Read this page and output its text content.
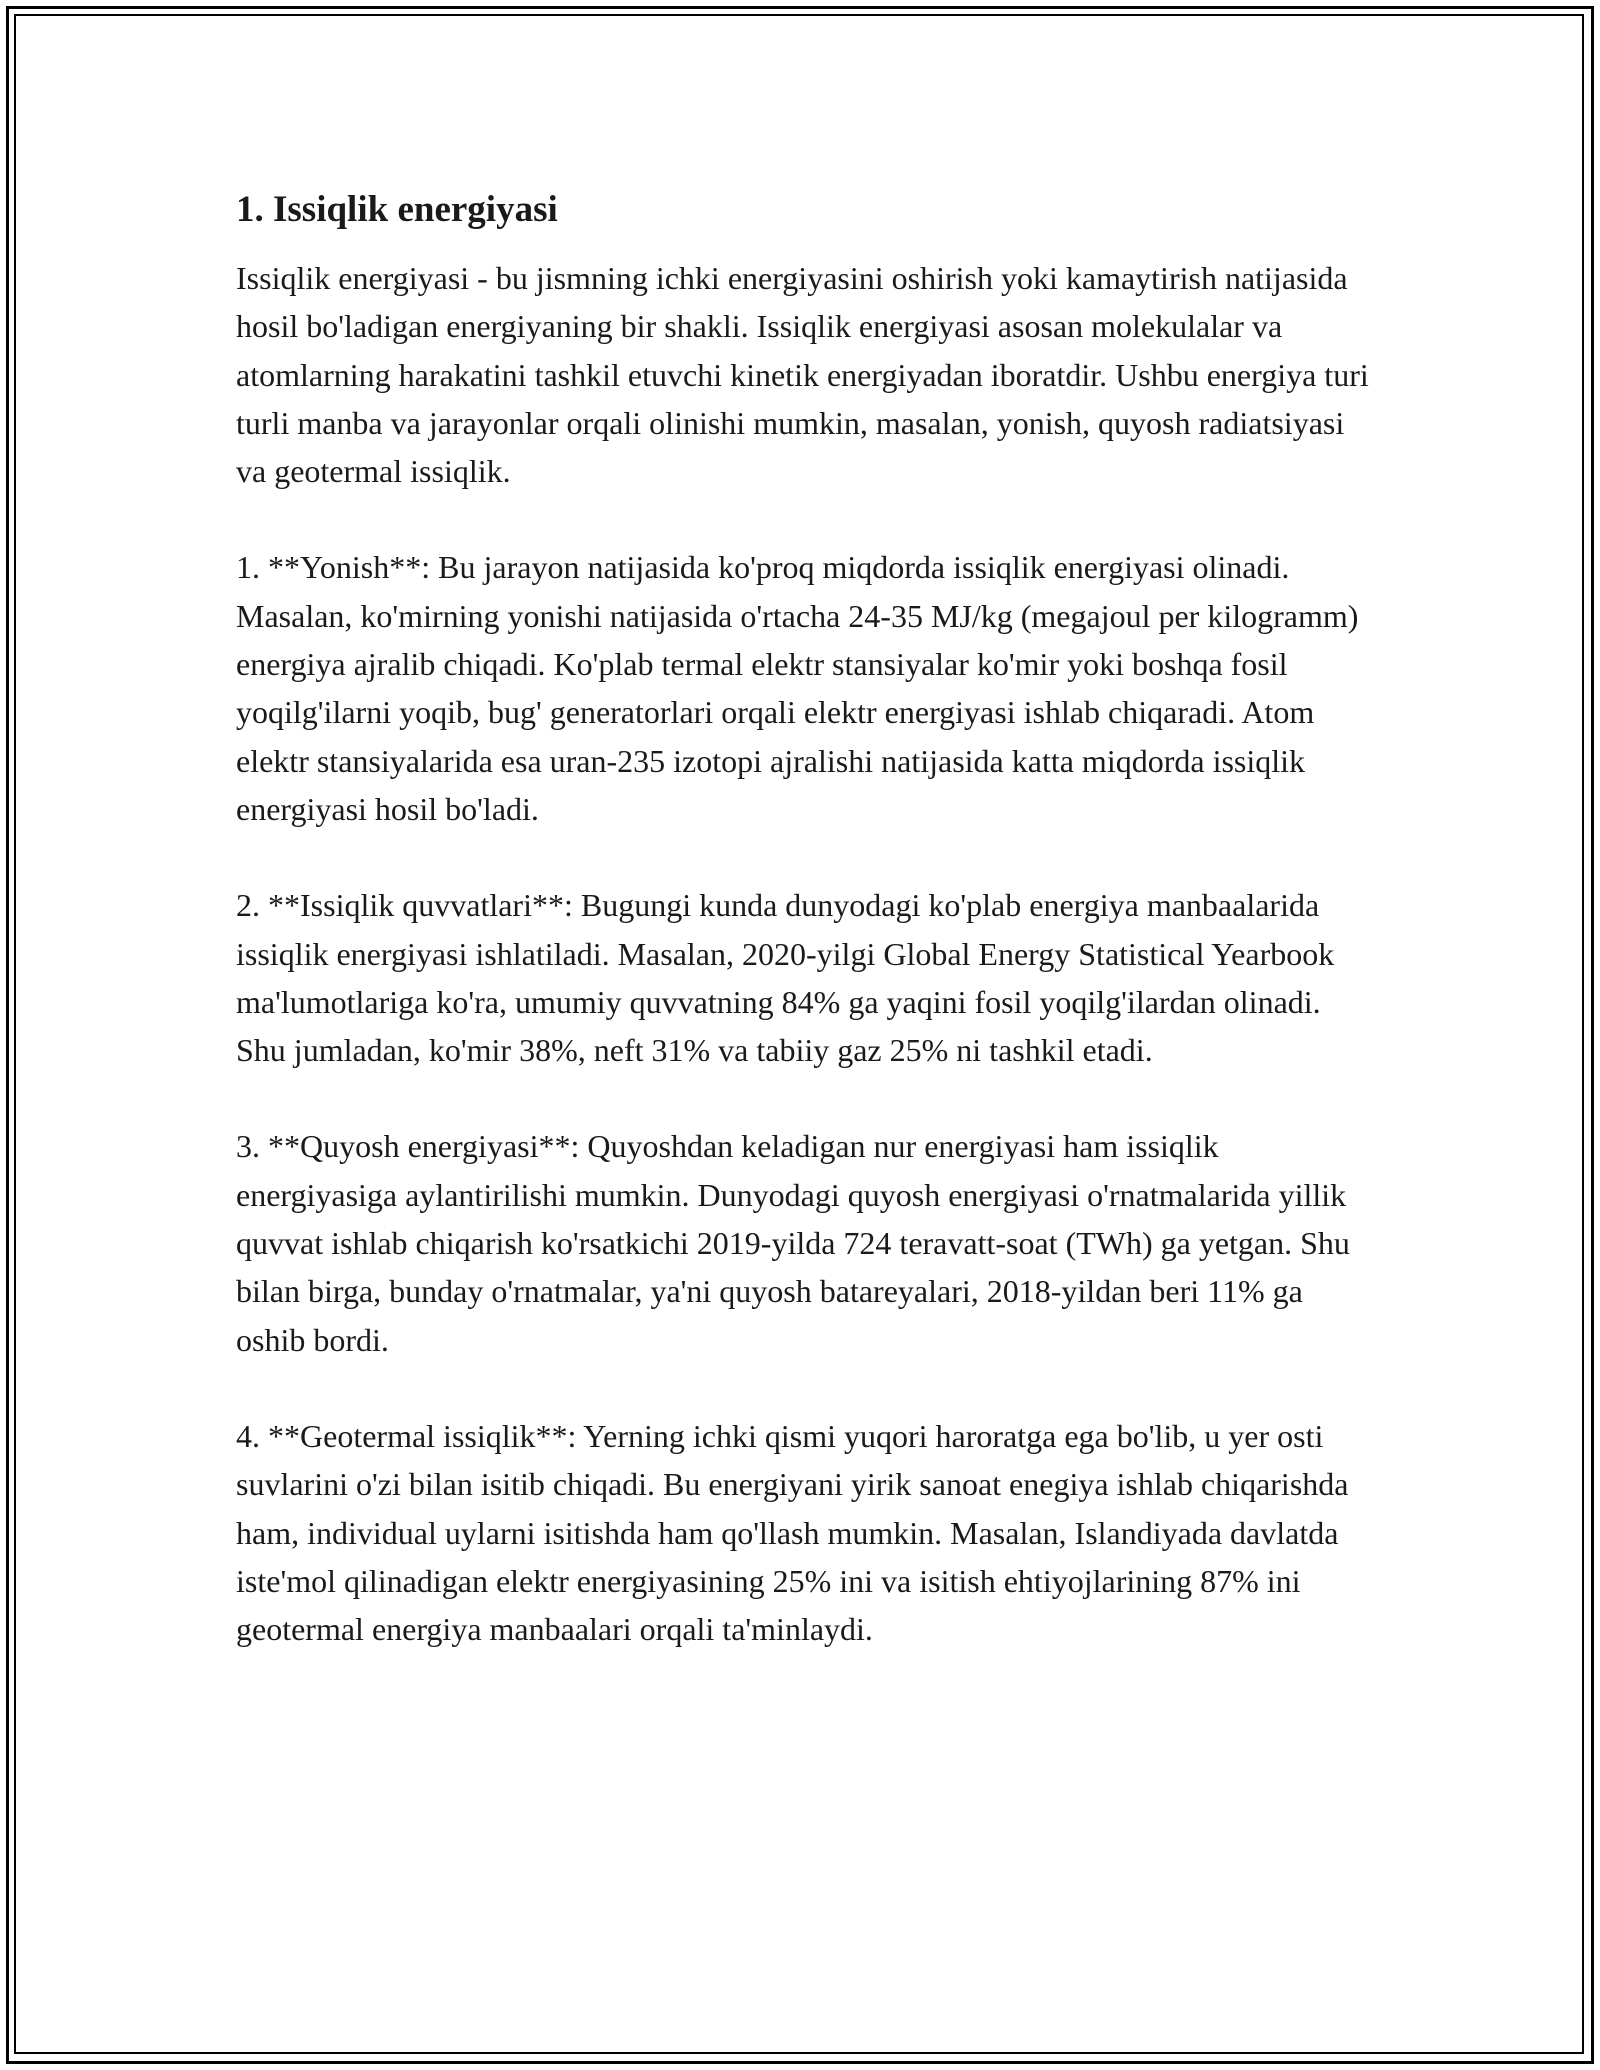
1. Issiqlik energiyasi

Issiqlik energiyasi - bu jismning ichki energiyasini oshirish yoki kamaytirish natijasida hosil bo'ladigan energiyaning bir shakli. Issiqlik energiyasi asosan molekulalar va atomlarning harakatini tashkil etuvchi kinetik energiyadan iboratdir. Ushbu energiya turi turli manba va jarayonlar orqali olinishi mumkin, masalan, yonish, quyosh radiatsiyasi va geotermal issiqlik.

1. **Yonish**: Bu jarayon natijasida ko'proq miqdorda issiqlik energiyasi olinadi. Masalan, ko'mirning yonishi natijasida o'rtacha 24-35 MJ/kg (megajoul per kilogramm) energiya ajralib chiqadi. Ko'plab termal elektr stansiyalar ko'mir yoki boshqa fosil yoqilg'ilarni yoqib, bug' generatorlari orqali elektr energiyasi ishlab chiqaradi. Atom elektr stansiyalarida esa uran-235 izotopi ajralishi natijasida katta miqdorda issiqlik energiyasi hosil bo'ladi.

2. **Issiqlik quvvatlari**: Bugungi kunda dunyodagi ko'plab energiya manbaalarida issiqlik energiyasi ishlatiladi. Masalan, 2020-yilgi Global Energy Statistical Yearbook ma'lumotlariga ko'ra, umumiy quvvatning 84% ga yaqini fosil yoqilg'ilardan olinadi. Shu jumladan, ko'mir 38%, neft 31% va tabiiy gaz 25% ni tashkil etadi.

3. **Quyosh energiyasi**: Quyoshdan keladigan nur energiyasi ham issiqlik energiyasiga aylantirilishi mumkin. Dunyodagi quyosh energiyasi o'rnatmalarida yillik quvvat ishlab chiqarish ko'rsatkichi 2019-yilda 724 teravatt-soat (TWh) ga yetgan. Shu bilan birga, bunday o'rnatmalar, ya'ni quyosh batareyalari, 2018-yildan beri 11% ga oshib bordi.

4. **Geotermal issiqlik**: Yerning ichki qismi yuqori haroratga ega bo'lib, u yer osti suvlarini o'zi bilan isitib chiqadi. Bu energiyani yirik sanoat enegiya ishlab chiqarishda ham, individual uylarni isitishda ham qo'llash mumkin. Masalan, Islandiyada davlatda iste'mol qilinadigan elektr energiyasining 25% ini va isitish ehtiyojlarining 87% ini geotermal energiya manbaalari orqali ta'minlaydi.
